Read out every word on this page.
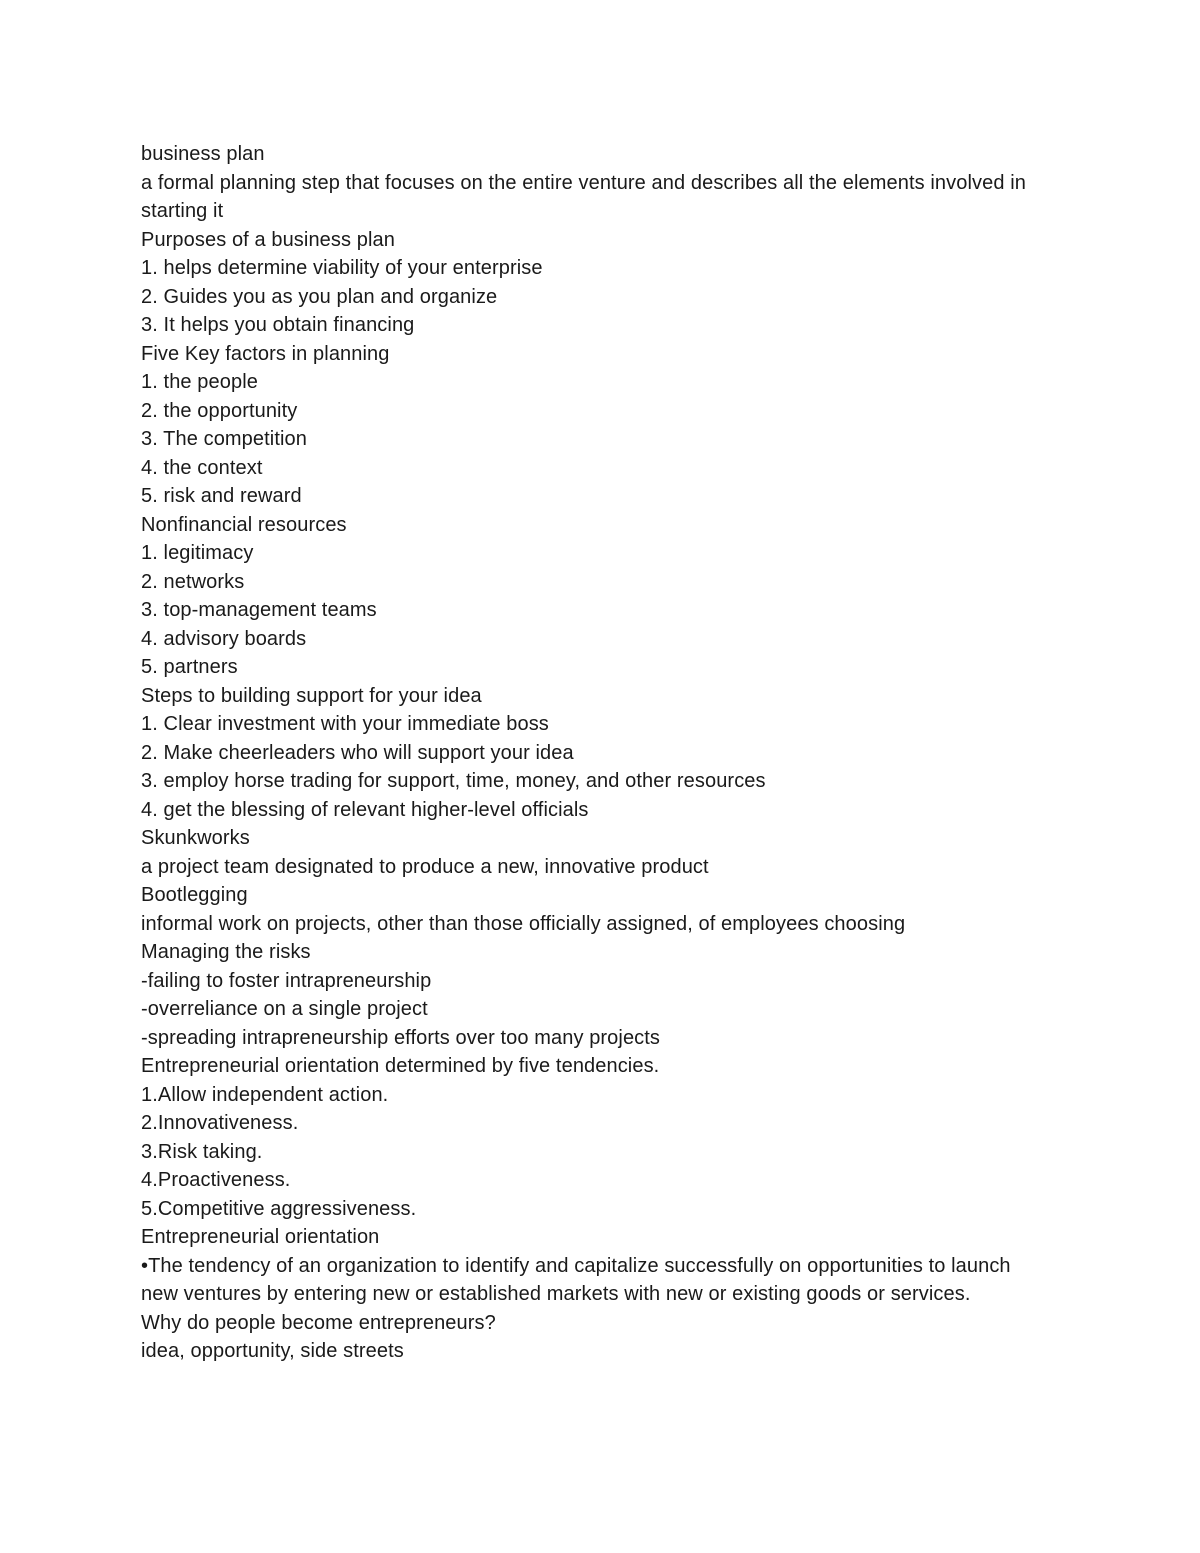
business plan
a formal planning step that focuses on the entire venture and describes all the elements involved in starting it
Purposes of a business plan
1. helps determine viability of your enterprise
2. Guides you as you plan and organize
3. It helps you obtain financing
Five Key factors in planning
1. the people
2. the opportunity
3. The competition
4. the context
5. risk and reward
Nonfinancial resources
1. legitimacy
2. networks
3. top-management teams
4. advisory boards
5. partners
Steps to building support for your idea
1. Clear investment with your immediate boss
2. Make cheerleaders who will support your idea
3. employ horse trading for support, time, money, and other resources
4. get the blessing of relevant higher-level officials
Skunkworks
a project team designated to produce a new, innovative product
Bootlegging
informal work on projects, other than those officially assigned, of employees choosing
Managing the risks
-failing to foster intrapreneurship
-overreliance on a single project
-spreading intrapreneurship efforts over too many projects
Entrepreneurial orientation determined by five tendencies.
1.Allow independent action.
2.Innovativeness.
3.Risk taking.
4.Proactiveness.
5.Competitive aggressiveness.
Entrepreneurial orientation
•The tendency of an organization to identify and capitalize successfully on opportunities to launch new ventures by entering new or established markets with new or existing goods or services.
Why do people become entrepreneurs?
idea, opportunity, side streets
